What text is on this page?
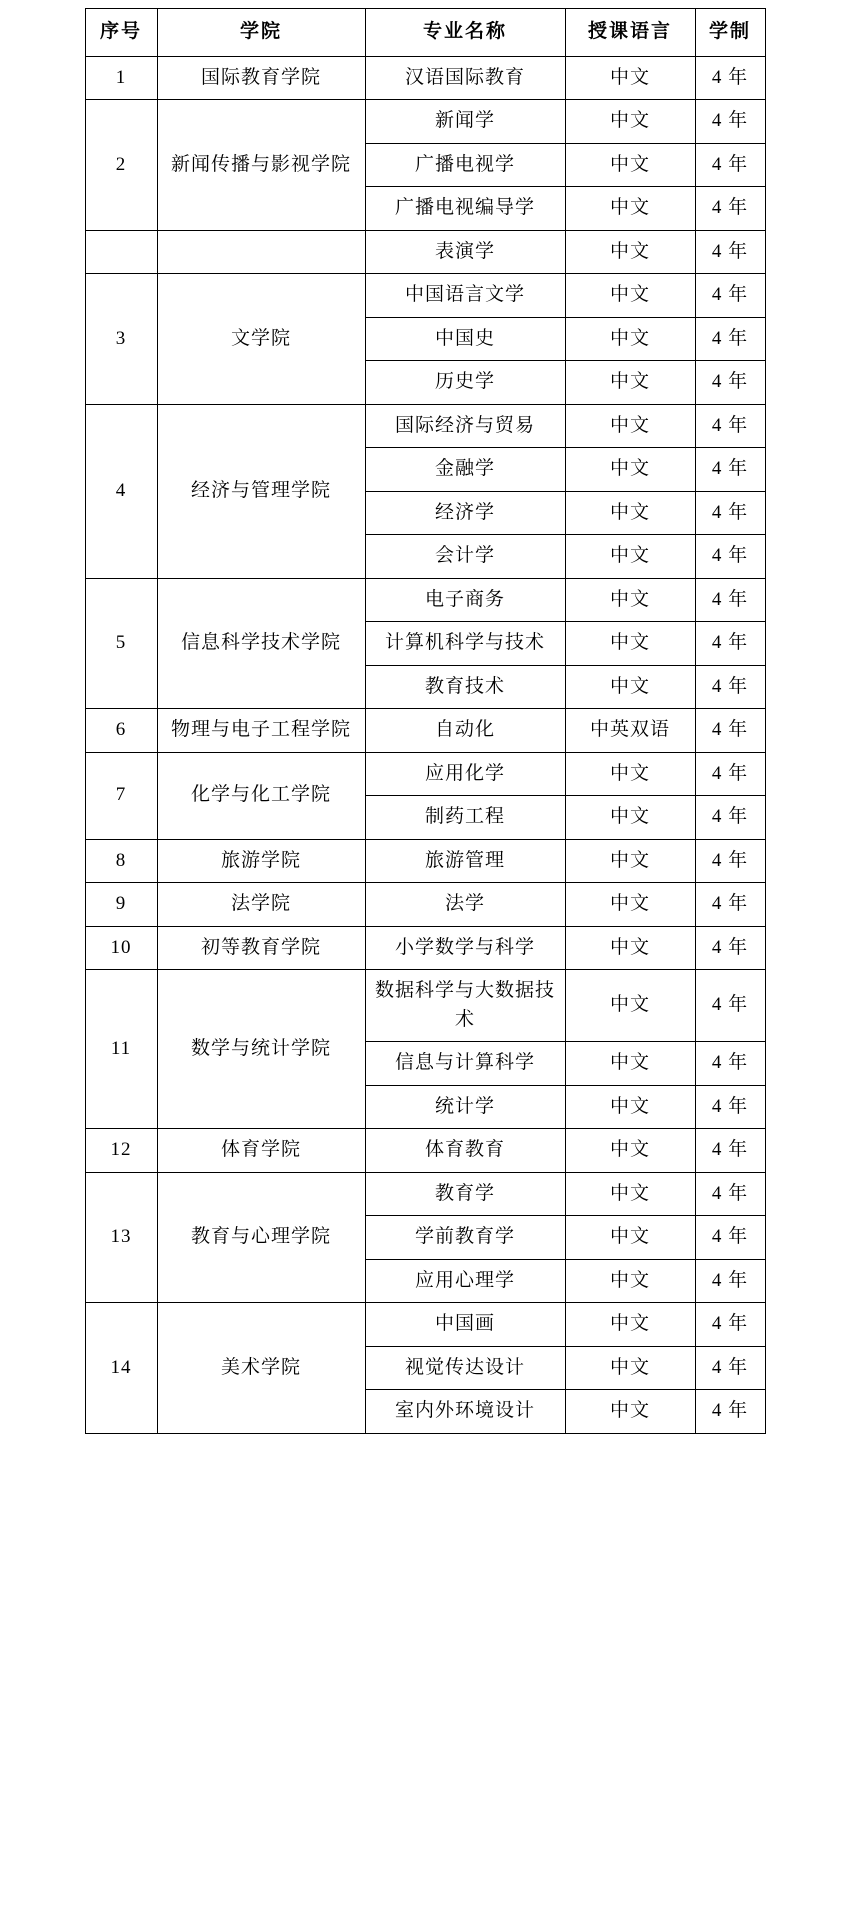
序号	学院	专业名称	授课语言	学制
1	国际教育学院	汉语国际教育	中文	4 年
2	新闻传播与影视学院	新闻学	中文	4 年
		广播电视学	中文	4 年
		广播电视编导学	中文	4 年
		表演学	中文	4 年
3	文学院	中国语言文学	中文	4 年
		中国史	中文	4 年
		历史学	中文	4 年
4	经济与管理学院	国际经济与贸易	中文	4 年
		金融学	中文	4 年
		经济学	中文	4 年
		会计学	中文	4 年
5	信息科学技术学院	电子商务	中文	4 年
		计算机科学与技术	中文	4 年
		教育技术	中文	4 年
6	物理与电子工程学院	自动化	中英双语	4 年
7	化学与化工学院	应用化学	中文	4 年
		制药工程	中文	4 年
8	旅游学院	旅游管理	中文	4 年
9	法学院	法学	中文	4 年
10	初等教育学院	小学数学与科学	中文	4 年
11	数学与统计学院	数据科学与大数据技术	中文	4 年
		信息与计算科学	中文	4 年
		统计学	中文	4 年
12	体育学院	体育教育	中文	4 年
13	教育与心理学院	教育学	中文	4 年
		学前教育学	中文	4 年
		应用心理学	中文	4 年
14	美术学院	中国画	中文	4 年
		视觉传达设计	中文	4 年
		室内外环境设计	中文	4 年
